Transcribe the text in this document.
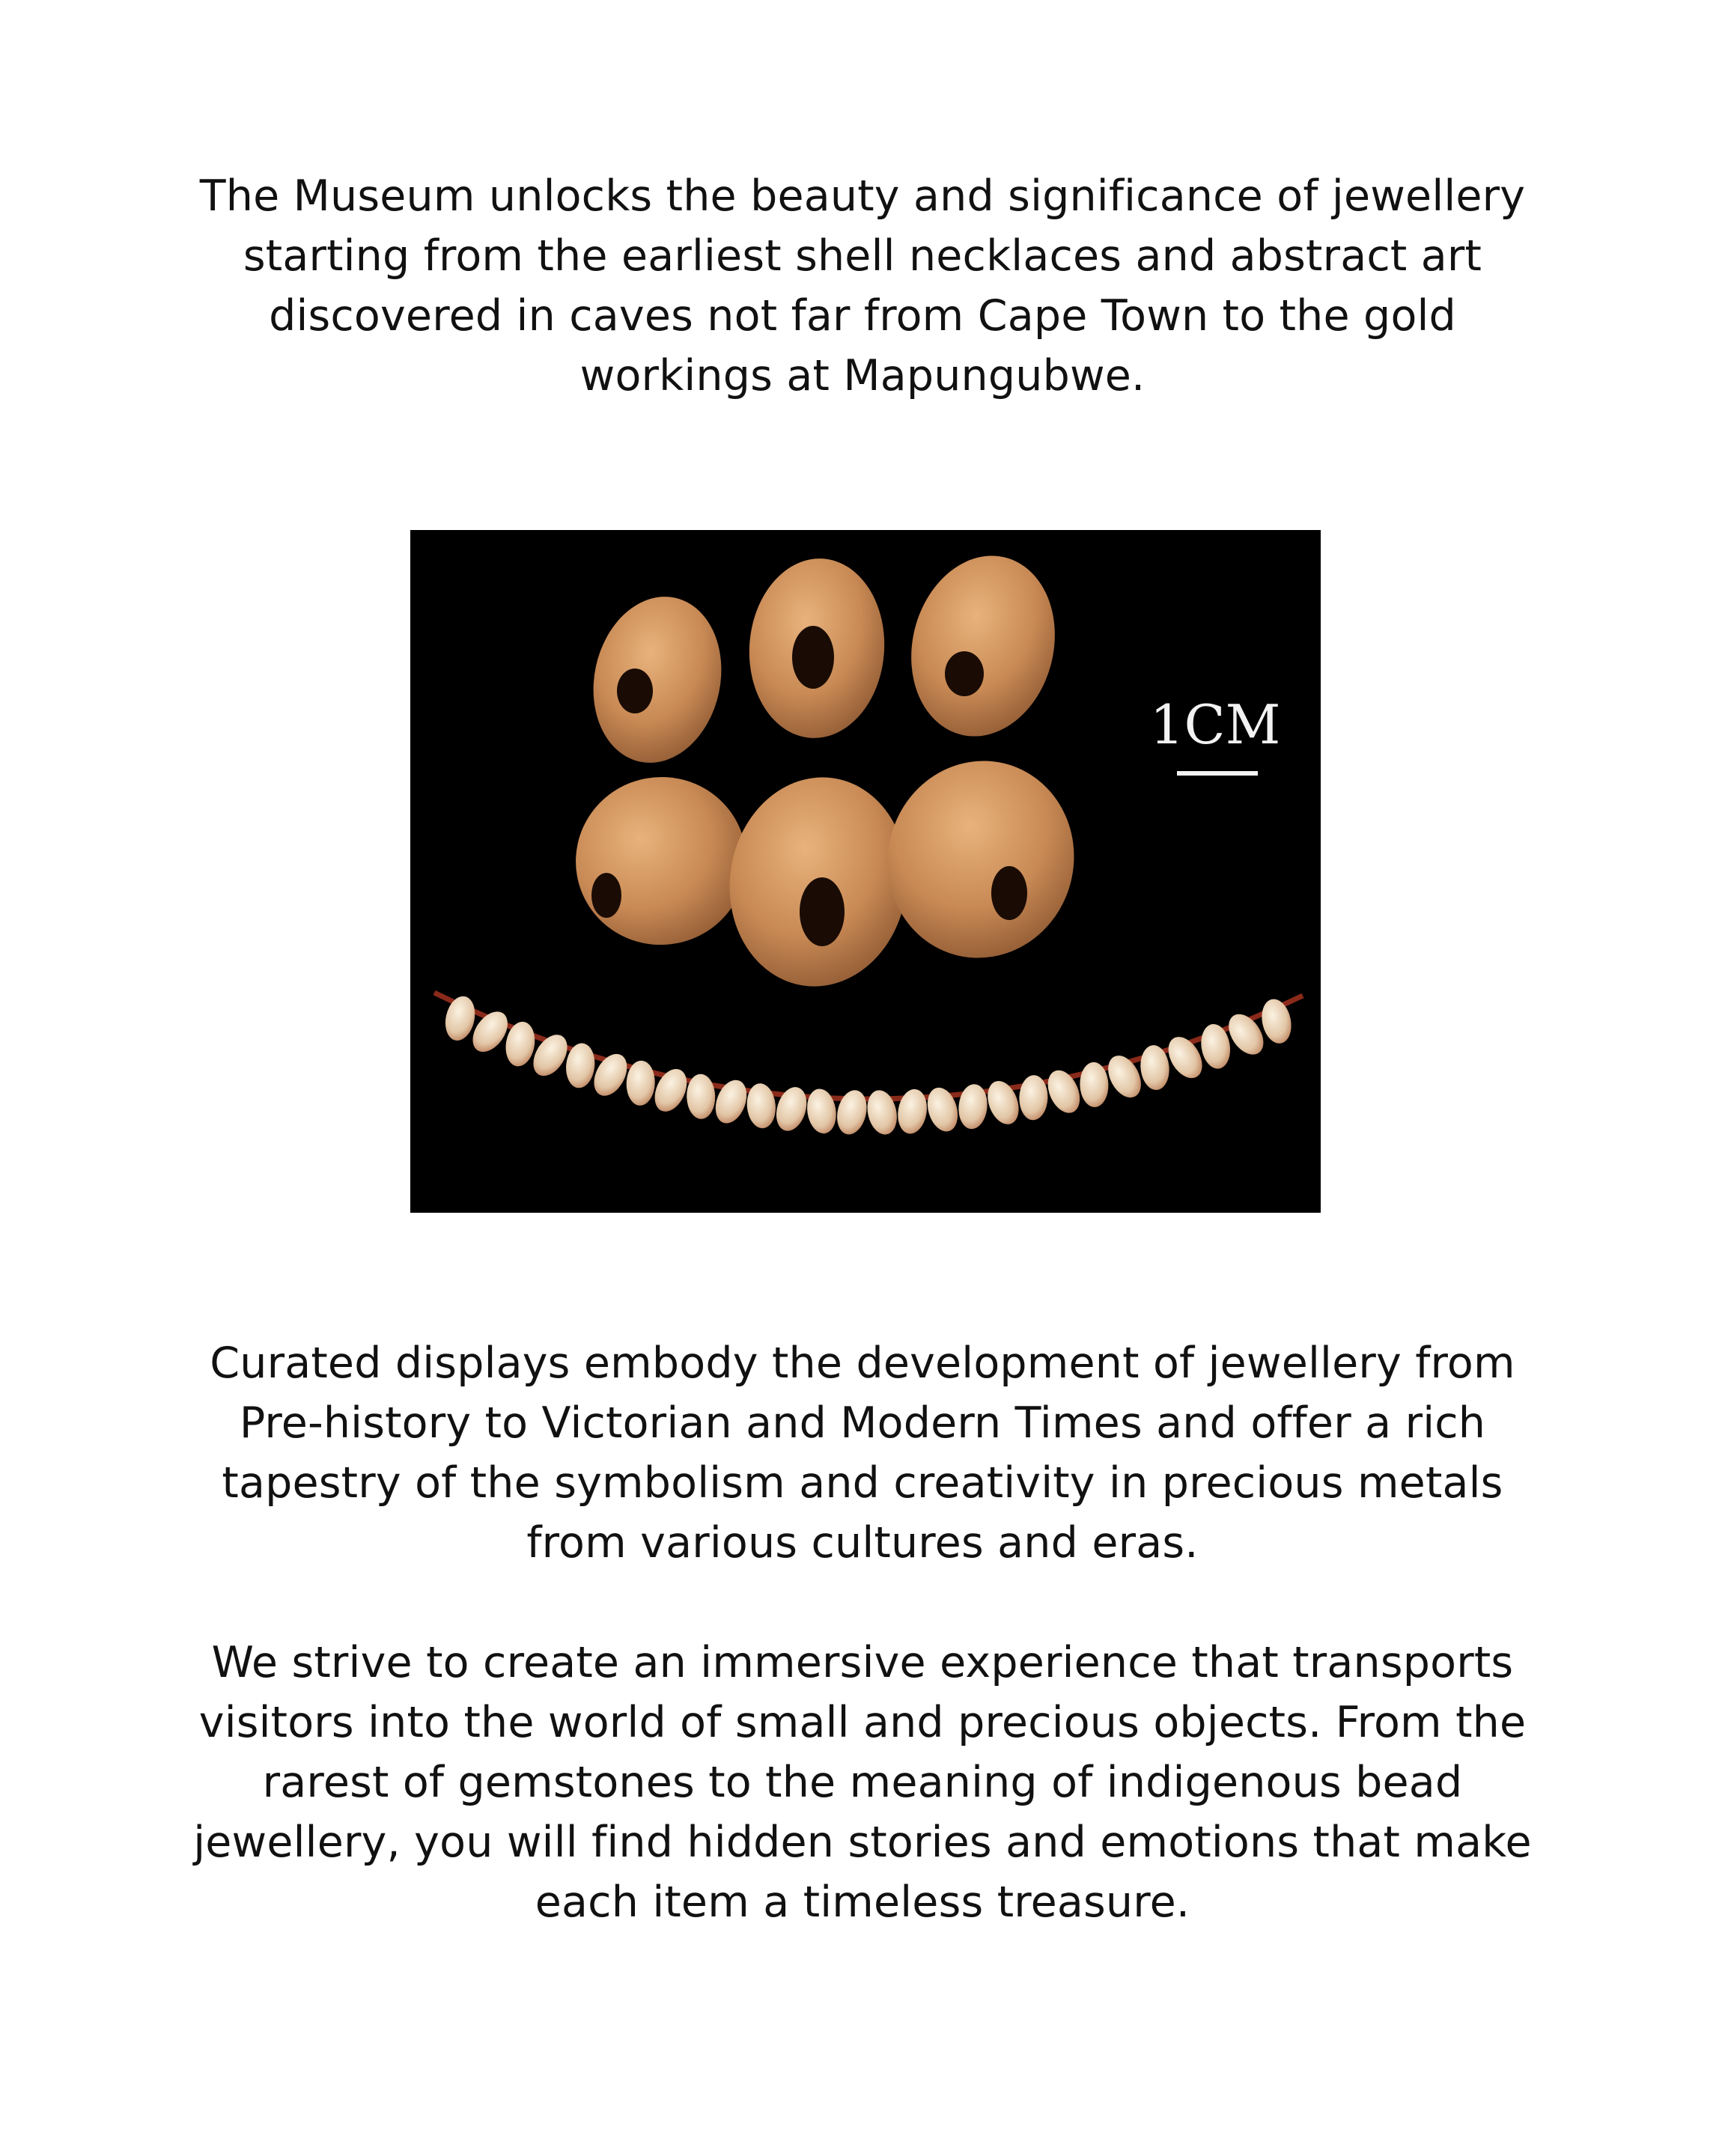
The Museum unlocks the beauty and significance of jewellery starting from the earliest shell necklaces and abstract art discovered in caves not far from Cape Town to the gold workings at Mapungubwe.

1CM

Curated displays embody the development of jewellery from Pre-history to Victorian and Modern Times and offer a rich tapestry of the symbolism and creativity in precious metals from various cultures and eras.

We strive to create an immersive experience that transports visitors into the world of small and precious objects. From the rarest of gemstones to the meaning of indigenous bead jewellery, you will find hidden stories and emotions that make each item a timeless treasure.
